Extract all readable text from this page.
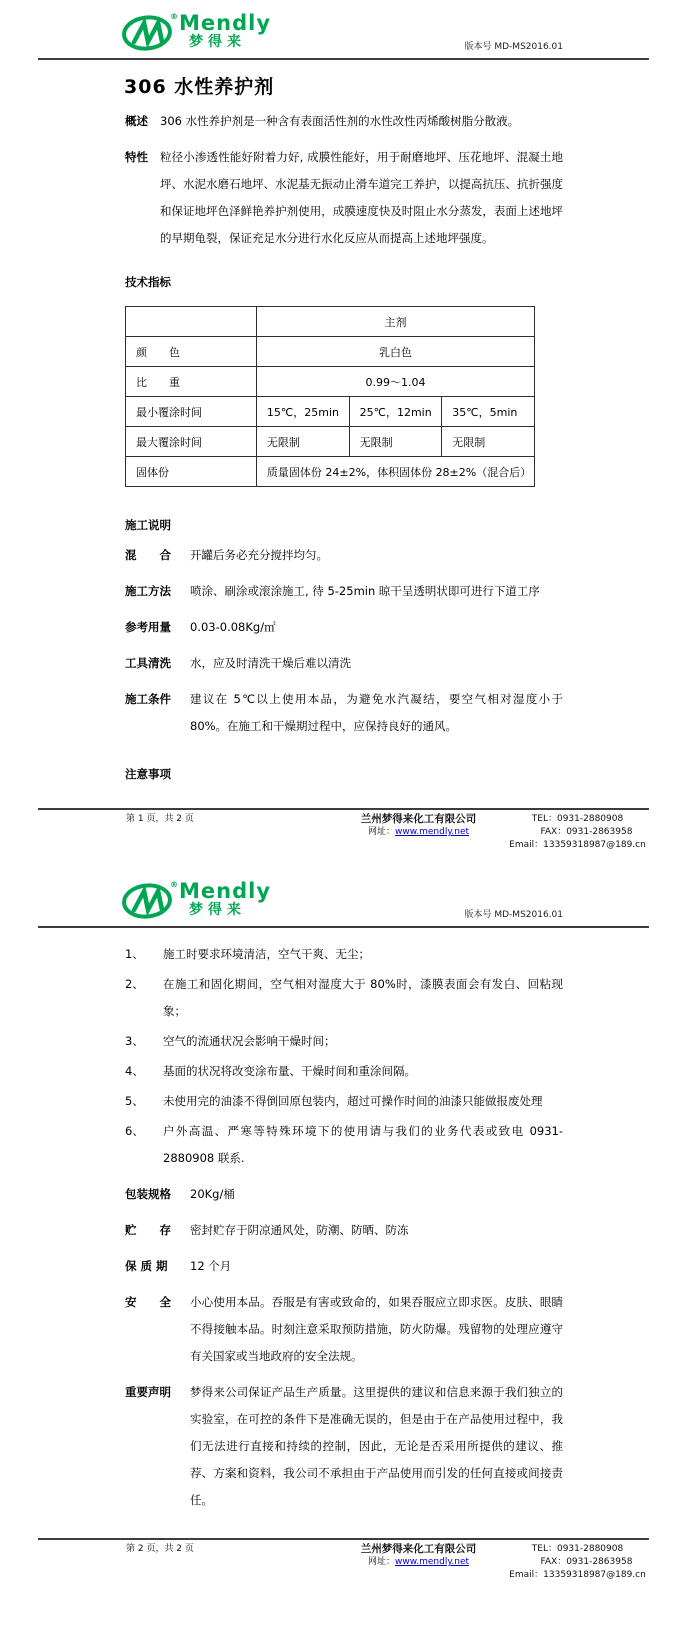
® Mendly
梦得来	版本号 MD-MS2016.01
306 水性养护剂
概述	306 水性养护剂是一种含有表面活性剂的水性改性丙烯酸树脂分散液。
特性	粒径小渗透性能好附着力好, 成膜性能好，用于耐磨地坪、压花地坪、混凝土地坪、水泥水磨石地坪、水泥基无振动止滑车道完工养护，以提高抗压、抗折强度和保证地坪色泽鲜艳养护剂使用，成膜速度快及时阻止水分蒸发，表面上述地坪的早期龟裂，保证充足水分进行水化反应从而提高上述地坪强度。
技术指标
	主剂		
颜　　色	乳白色		
比　　重	0.99～1.04		
最小覆涂时间	15℃，25min	25℃，12min	35℃，5min
最大覆涂时间	无限制	无限制	无限制
固体份	质量固体份 24±2%，体积固体份 28±2%（混合后）		
施工说明
混　　合	开罐后务必充分搅拌均匀。
施工方法	喷涂、刷涂或滚涂施工, 待 5-25min 晾干呈透明状即可进行下道工序
参考用量	0.03-0.08Kg/㎡
工具清洗	水，应及时清洗干燥后难以清洗
施工条件	建议在 5℃以上使用本品，为避免水汽凝结，要空气相对湿度小于 80%。在施工和干燥期过程中，应保持良好的通风。
注意事项
第 1 页，共 2 页	兰州梦得来化工有限公司
网址：www.mendly.net
TEL：0931-2880908FAX：0931-2863958
Email：13359318987@189.cn
® Mendly
梦得来	版本号 MD-MS2016.01
1、	施工时要求环境清洁，空气干爽、无尘；
2、	在施工和固化期间，空气相对湿度大于 80%时，漆膜表面会有发白、回粘现象；
3、	空气的流通状况会影响干燥时间；
4、	基面的状况将改变涂布量、干燥时间和重涂间隔。
5、	未使用完的油漆不得倒回原包装内，超过可操作时间的油漆只能做报废处理
6、	户外高温、严寒等特殊环境下的使用请与我们的业务代表或致电 0931-2880908 联系.
包装规格	20Kg/桶
贮　　存	密封贮存于阴凉通风处，防潮、防晒、防冻
保 质 期	12 个月
安　　全	小心使用本品。吞服是有害或致命的，如果吞服应立即求医。皮肤、眼睛不得接触本品。时刻注意采取预防措施，防火防爆。残留物的处理应遵守有关国家或当地政府的安全法规。
重要声明	梦得来公司保证产品生产质量。这里提供的建议和信息来源于我们独立的实验室，在可控的条件下是准确无误的，但是由于在产品使用过程中，我们无法进行直接和持续的控制，因此，无论是否采用所提供的建议、推荐、方案和资料，我公司不承担由于产品使用而引发的任何直接或间接责任。
第 2 页，共 2 页	兰州梦得来化工有限公司
网址：www.mendly.net
TEL：0931-2880908FAX：0931-2863958
Email：13359318987@189.cn
